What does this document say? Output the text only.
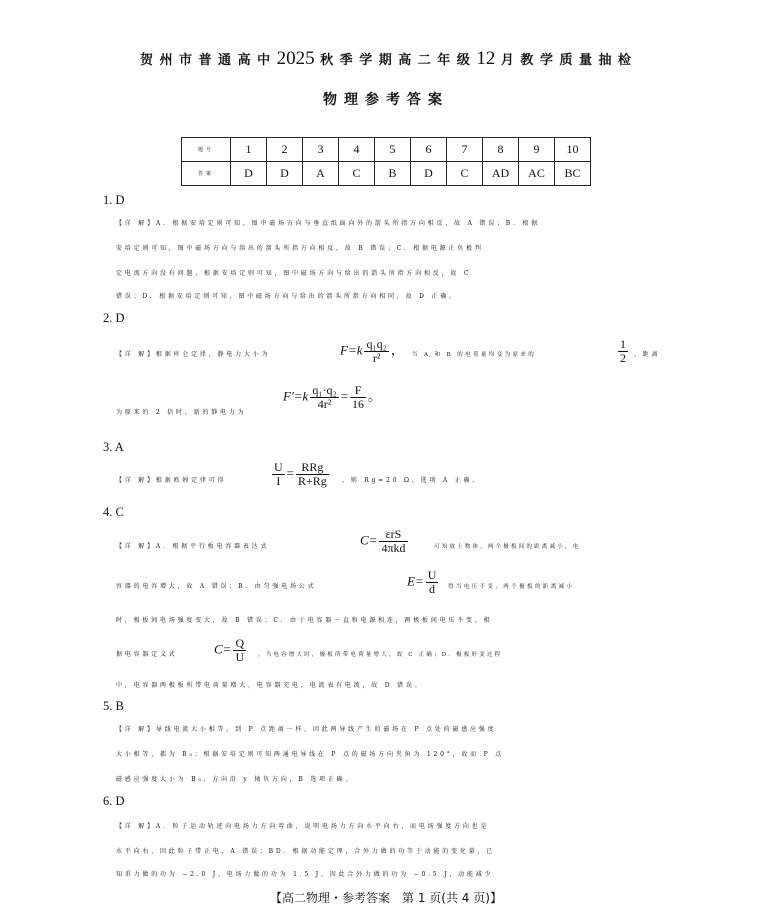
贺 州 市 普 通 高 中 2025 秋 季 学 期 高 二 年 级 12 月 教 学 质 量 抽 检
物理参考答案
题号	1	2	3	4	5	6	7	8	9	10
答案	D	D	A	C	B	D	C	AD	AC	BC
1. D
【详 解】A. 根据安培定则可知，图中磁场方向与垂直纸面向外的箭头所指方向相反，故 A 错误；B. 根据
安培定则可知，图中磁场方向与给出的箭头所指方向相反，故 B 错误；C. 根据电源正负极判
定电流方向没有问题，根据安培定则可知，图中磁场方向与给出的箭头所指方向相反，故 C
错误；D. 根据安培定则可知，图中磁场方向与给出的箭头所指方向相同，故 D 正确。
2. D
【详 解】根据库仑定律，静电力大小为	$F=k \frac{\text{q₁q₂}}{\text{r²}}$ ， 当 A 和 B 的电荷量均变为原来的	$\frac{1}{2}$ ，距离
为原来的 2 倍时，新的静电力为
$F'=k \frac{\text{q₁·q₂}}{\text{4r²}} = \frac{F}{16}$ 。
3. A
【详 解】根据欧姆定律可得	$\frac{U}{I} = \frac{\text{RRg}}{R+Rg}$ ，则 Rg=20 Ω，选项 A 正确。
4. C
【详 解】A. 根据平行板电容器表达式	$C= \frac{\text{εrS}}{\text{4πkd}}$	可知放上物体，两个极板间的距离减小，电
容器的电容增大，故 A 错误；B. 由匀强电场公式	$E= \frac{U}{d}$ 得当电压不变，两个极板的距离减小
时，极板间电场强度变大，故 B 错误；C. 由于电容器一直和电源相连，两极板间电压不变，根
据电容器定义式	$C= \frac{Q}{U}$ ，当电容增大时，极板所带电荷量增大，故 C 正确；D. 极板形变过程
中，电容器两极板所带电荷量增大，电容器充电，电流表有电流，故 D 错误。
5. B
【详 解】导线电流大小相等，到 P 点距离一样，因此两导线产生的磁场在 P 点处的磁感应强度
大小相等，都为 B₀；根据安培定则可知两通电导线在 P 点的磁场方向夹角为 120°，故而 P 点
磁感应强度大小为 B₀，方向沿 y 轴负方向，B 选项正确。
6. D
【详 解】A. 粒子运动轨迹向电场力方向弯曲，说明电场力方向水平向右，而电场强度方向也是
水平向右，因此粒子带正电，A 错误；BD. 根据动能定理，合外力做的功等于动能的变化量，已
知重力做的功为 −2.0 J，电场力做的功为 1.5 J，因此合外力做的功为 −0.5 J，动能减少
【高二物理・参考答案　第 1 页(共 4 页)】
